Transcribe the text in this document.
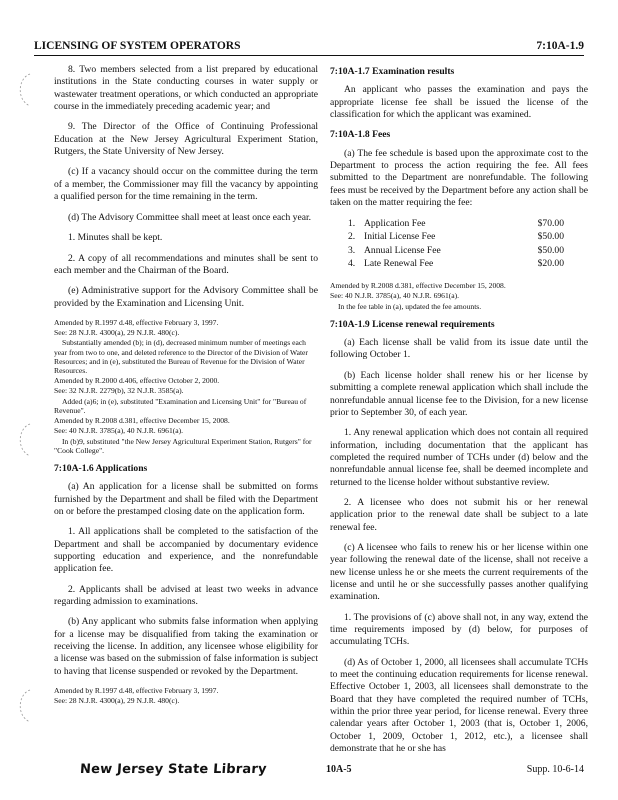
LICENSING OF SYSTEM OPERATORS	7:10A-1.9

8. Two members selected from a list prepared by educational institutions in the State conducting courses in water supply or wastewater treatment operations, or which conducted an appropriate course in the immediately preceding academic year; and

9. The Director of the Office of Continuing Professional Education at the New Jersey Agricultural Experiment Station, Rutgers, the State University of New Jersey.

(c) If a vacancy should occur on the committee during the term of a member, the Commissioner may fill the vacancy by appointing a qualified person for the time remaining in the term.

(d) The Advisory Committee shall meet at least once each year.

1. Minutes shall be kept.

2. A copy of all recommendations and minutes shall be sent to each member and the Chairman of the Board.

(e) Administrative support for the Advisory Committee shall be provided by the Examination and Licensing Unit.

Amended by R.1997 d.48, effective February 3, 1997.

See: 28 N.J.R. 4300(a), 29 N.J.R. 480(c).

Substantially amended (b); in (d), decreased minimum number of meetings each year from two to one, and deleted reference to the Director of the Division of Water Resources; and in (e), substituted the Bureau of Revenue for the Division of Water Resources.

Amended by R.2000 d.406, effective October 2, 2000.

See: 32 N.J.R. 2279(b), 32 N.J.R. 3585(a).

Added (a)6; in (e), substituted "Examination and Licensing Unit" for "Bureau of Revenue".

Amended by R.2008 d.381, effective December 15, 2008.

See: 40 N.J.R. 3785(a), 40 N.J.R. 6961(a).

In (b)9, substituted "the New Jersey Agricultural Experiment Station, Rutgers" for "Cook College".

7:10A-1.6 Applications

(a) An application for a license shall be submitted on forms furnished by the Department and shall be filed with the Department on or before the prestamped closing date on the application form.

1. All applications shall be completed to the satisfaction of the Department and shall be accompanied by documentary evidence supporting education and experience, and the nonrefundable application fee.

2. Applicants shall be advised at least two weeks in advance regarding admission to examinations.

(b) Any applicant who submits false information when applying for a license may be disqualified from taking the examination or receiving the license. In addition, any licensee whose eligibility for a license was based on the submission of false information is subject to having that license suspended or revoked by the Department.

Amended by R.1997 d.48, effective February 3, 1997.

See: 28 N.J.R. 4300(a), 29 N.J.R. 480(c).

7:10A-1.7 Examination results

An applicant who passes the examination and pays the appropriate license fee shall be issued the license of the classification for which the applicant was examined.

7:10A-1.8 Fees

(a) The fee schedule is based upon the approximate cost to the Department to process the action requiring the fee. All fees submitted to the Department are nonrefundable. The following fees must be received by the Department before any action shall be taken on the matter requiring the fee:

1.	Application Fee	$70.00
2.	Initial License Fee	$50.00
3.	Annual License Fee	$50.00
4.	Late Renewal Fee	$20.00

Amended by R.2008 d.381, effective December 15, 2008.

See: 40 N.J.R. 3785(a), 40 N.J.R. 6961(a).

In the fee table in (a), updated the fee amounts.

7:10A-1.9 License renewal requirements

(a) Each license shall be valid from its issue date until the following October 1.

(b) Each license holder shall renew his or her license by submitting a complete renewal application which shall include the nonrefundable annual license fee to the Division, for a new license prior to September 30, of each year.

1. Any renewal application which does not contain all required information, including documentation that the applicant has completed the required number of TCHs under (d) below and the nonrefundable annual license fee, shall be deemed incomplete and returned to the license holder without substantive review.

2. A licensee who does not submit his or her renewal application prior to the renewal date shall be subject to a late renewal fee.

(c) A licensee who fails to renew his or her license within one year following the renewal date of the license, shall not receive a new license unless he or she meets the current requirements of the license and until he or she successfully passes another qualifying examination.

1. The provisions of (c) above shall not, in any way, extend the time requirements imposed by (d) below, for purposes of accumulating TCHs.

(d) As of October 1, 2000, all licensees shall accumulate TCHs to meet the continuing education requirements for license renewal. Effective October 1, 2003, all licensees shall demonstrate to the Board that they have completed the required number of TCHs, within the prior three year period, for license renewal. Every three calendar years after October 1, 2003 (that is, October 1, 2006, October 1, 2009, October 1, 2012, etc.), a licensee shall demonstrate that he or she has

New Jersey State Library	10A-5	Supp. 10-6-14
